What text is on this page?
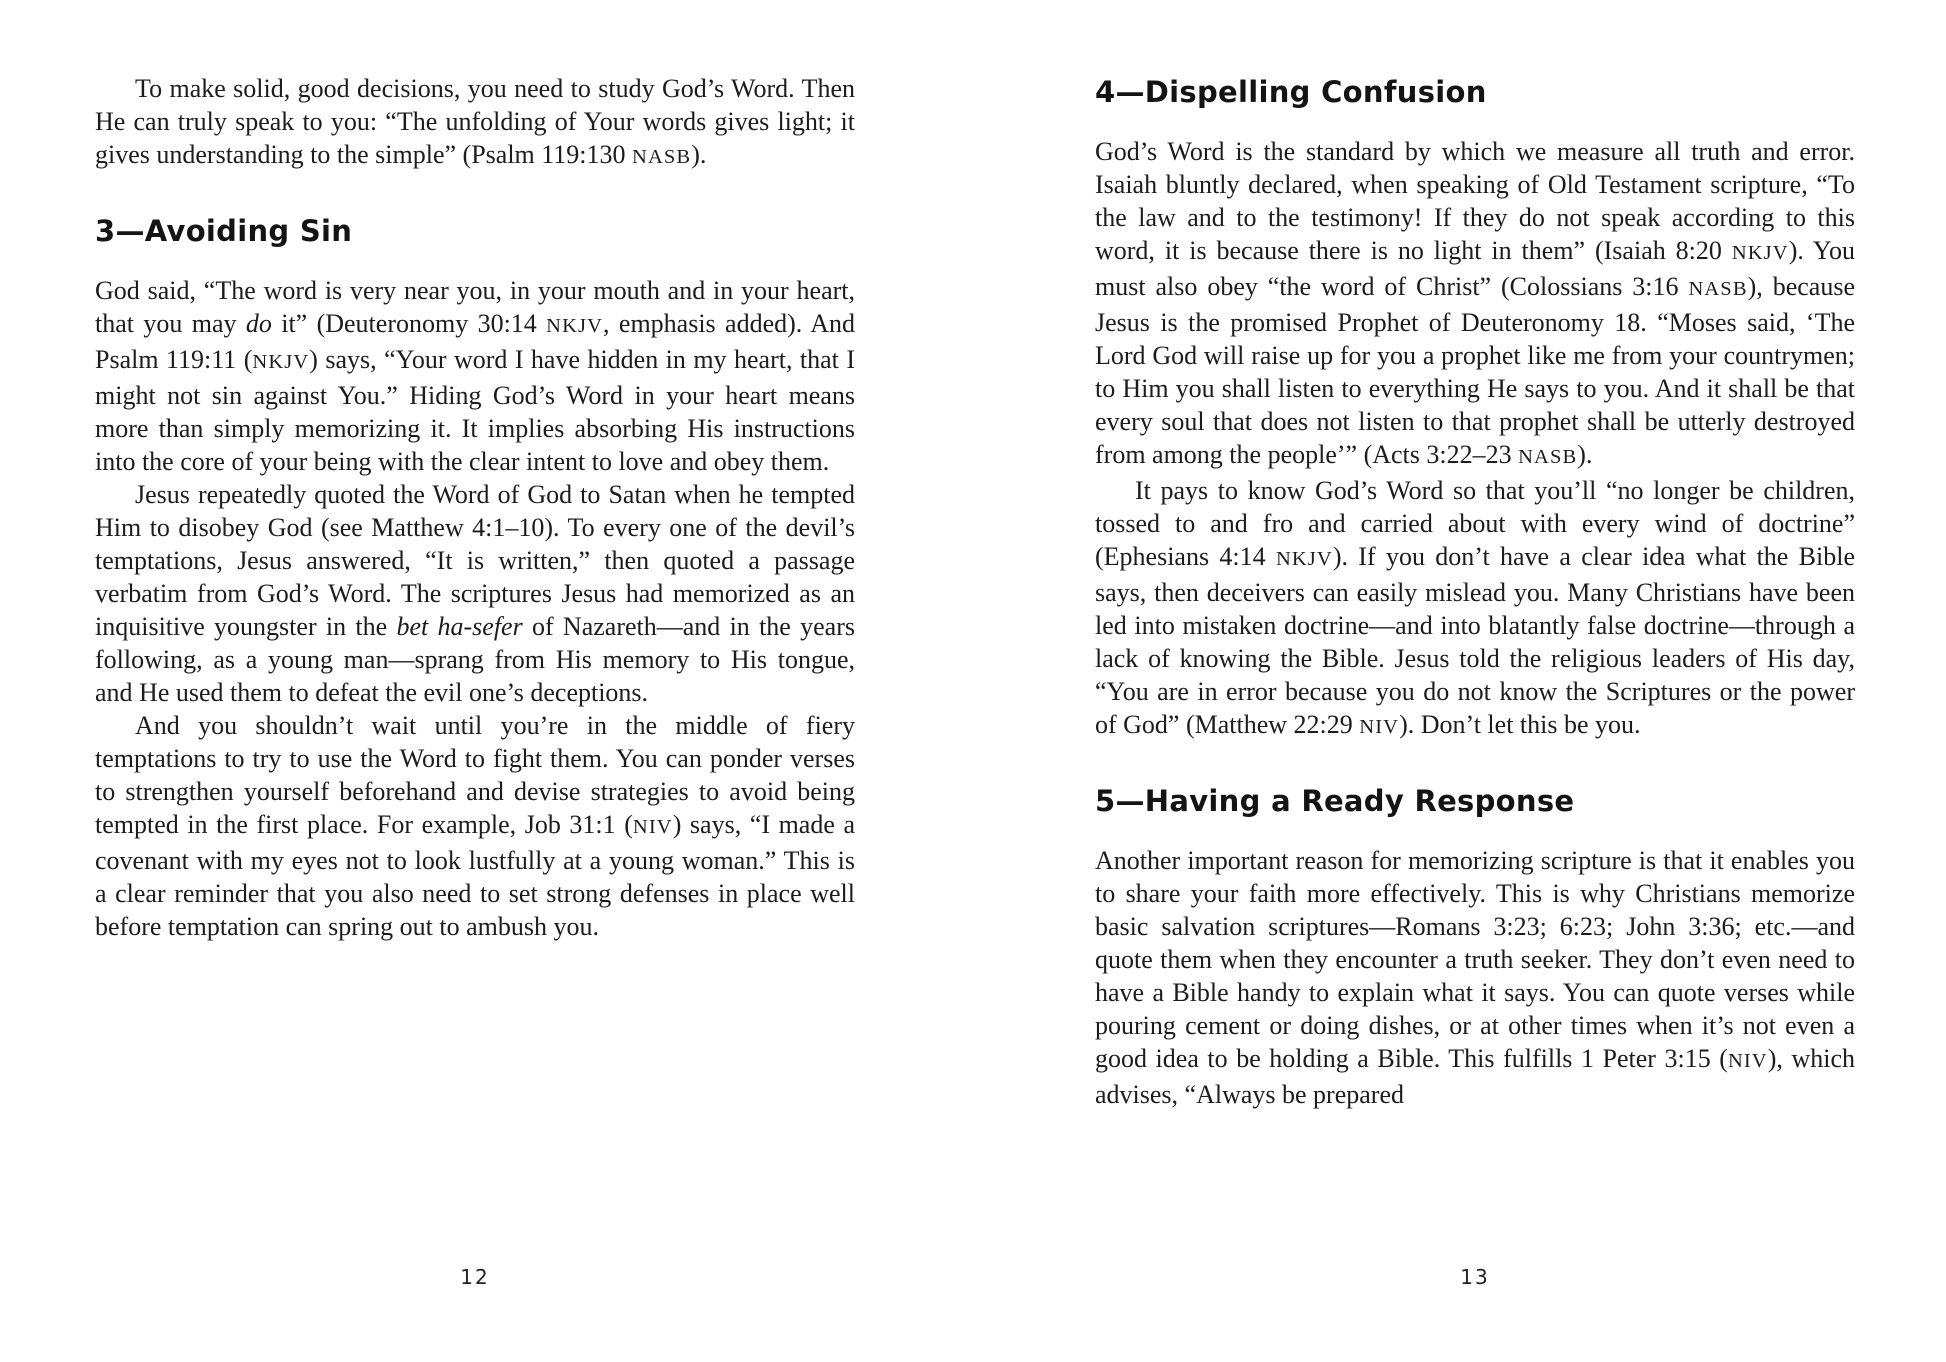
To make solid, good decisions, you need to study God’s Word. Then He can truly speak to you: “The unfolding of Your words gives light; it gives understanding to the simple” (Psalm 119:130 NASB).

3—Avoiding Sin

God said, “The word is very near you, in your mouth and in your heart, that you may do it” (Deuteronomy 30:14 NKJV, emphasis added). And Psalm 119:11 (NKJV) says, “Your word I have hidden in my heart, that I might not sin against You.” Hiding God’s Word in your heart means more than simply memorizing it. It implies absorbing His instructions into the core of your being with the clear intent to love and obey them.

Jesus repeatedly quoted the Word of God to Satan when he tempted Him to disobey God (see Matthew 4:1–10). To every one of the devil’s temptations, Jesus answered, “It is written,” then quoted a passage verbatim from God’s Word. The scriptures Jesus had memorized as an inquisitive youngster in the bet ha-sefer of Nazareth—and in the years following, as a young man—sprang from His memory to His tongue, and He used them to defeat the evil one’s deceptions.

And you shouldn’t wait until you’re in the middle of fiery temptations to try to use the Word to fight them. You can ponder verses to strengthen yourself beforehand and devise strategies to avoid being tempted in the first place. For example, Job 31:1 (NIV) says, “I made a covenant with my eyes not to look lustfully at a young woman.” This is a clear reminder that you also need to set strong defenses in place well before temptation can spring out to ambush you.

12
4—Dispelling Confusion

God’s Word is the standard by which we measure all truth and error. Isaiah bluntly declared, when speaking of Old Testament scripture, “To the law and to the testimony! If they do not speak according to this word, it is because there is no light in them” (Isaiah 8:20 NKJV). You must also obey “the word of Christ” (Colossians 3:16 NASB), because Jesus is the promised Prophet of Deuteronomy 18. “Moses said, ‘The Lord God will raise up for you a prophet like me from your countrymen; to Him you shall listen to everything He says to you. And it shall be that every soul that does not listen to that prophet shall be utterly destroyed from among the people’” (Acts 3:22–23 NASB).

It pays to know God’s Word so that you’ll “no longer be children, tossed to and fro and carried about with every wind of doctrine” (Ephesians 4:14 NKJV). If you don’t have a clear idea what the Bible says, then deceivers can easily mislead you. Many Christians have been led into mistaken doctrine—and into blatantly false doctrine—through a lack of knowing the Bible. Jesus told the religious leaders of His day, “You are in error because you do not know the Scriptures or the power of God” (Matthew 22:29 NIV). Don’t let this be you.

5—Having a Ready Response

Another important reason for memorizing scripture is that it enables you to share your faith more effectively. This is why Christians memorize basic salvation scriptures—Romans 3:23; 6:23; John 3:36; etc.—and quote them when they encounter a truth seeker. They don’t even need to have a Bible handy to explain what it says. You can quote verses while pouring cement or doing dishes, or at other times when it’s not even a good idea to be holding a Bible. This fulfills 1 Peter 3:15 (NIV), which advises, “Always be prepared

13
